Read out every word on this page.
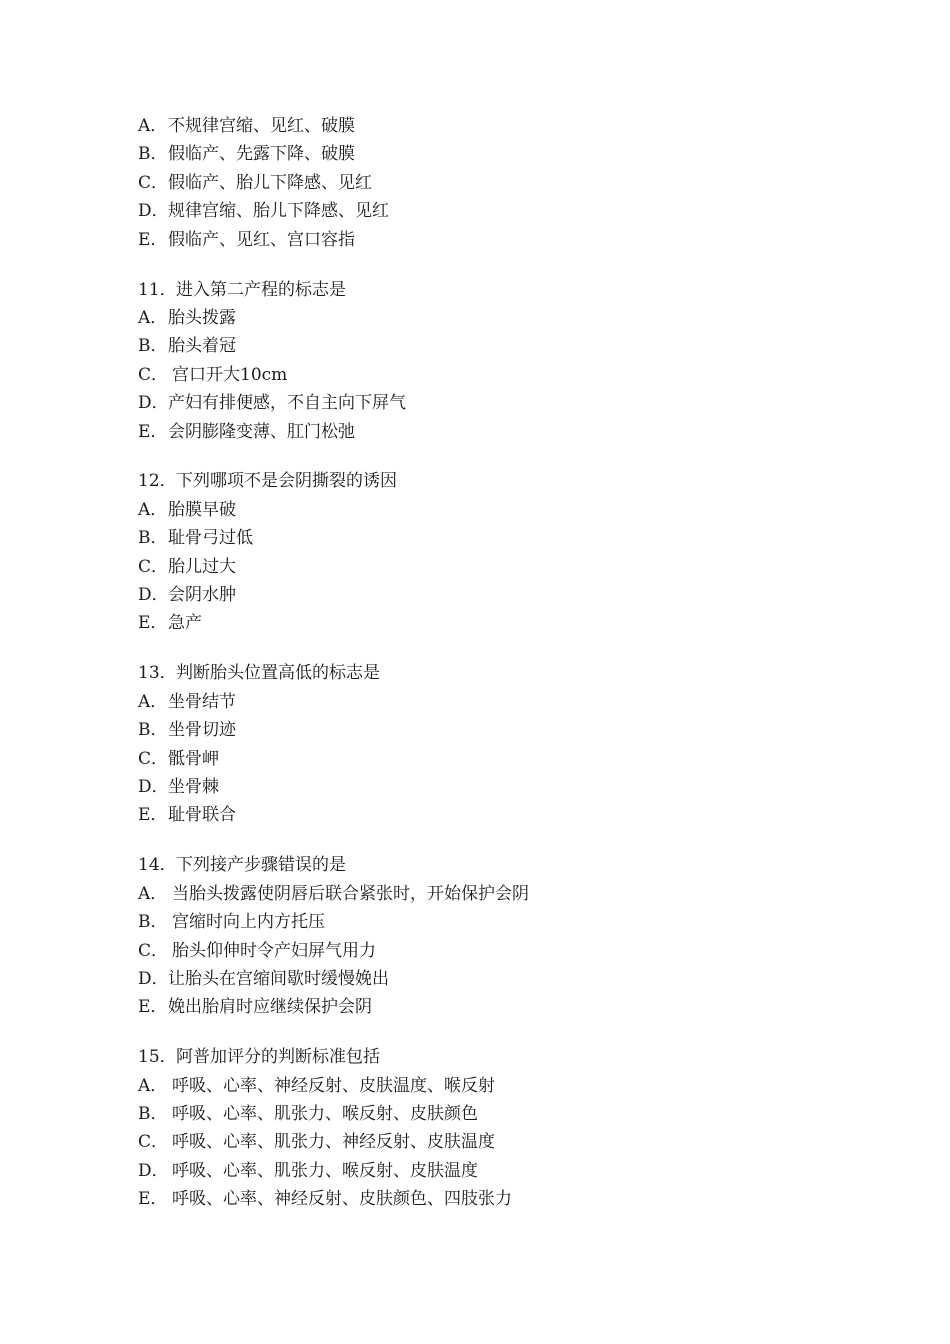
A．不规律宫缩、见红、破膜
B．假临产、先露下降、破膜
C．假临产、胎儿下降感、见红
D．规律宫缩、胎儿下降感、见红
E．假临产、见红、宫口容指
11．进入第二产程的标志是
A．胎头拨露
B．胎头着冠
C． 宫口开大10cm
D．产妇有排便感，不自主向下屏气
E．会阴膨隆变薄、肛门松弛
12．下列哪项不是会阴撕裂的诱因
A．胎膜早破
B．耻骨弓过低
C．胎儿过大
D．会阴水肿
E．急产
13．判断胎头位置高低的标志是
A．坐骨结节
B．坐骨切迹
C．骶骨岬
D．坐骨棘
E．耻骨联合
14．下列接产步骤错误的是
A． 当胎头拨露使阴唇后联合紧张时，开始保护会阴
B． 宫缩时向上内方托压
C． 胎头仰伸时令产妇屏气用力
D．让胎头在宫缩间歇时缓慢娩出
E．娩出胎肩时应继续保护会阴
15．阿普加评分的判断标准包括
A． 呼吸、心率、神经反射、皮肤温度、喉反射
B． 呼吸、心率、肌张力、喉反射、皮肤颜色
C． 呼吸、心率、肌张力、神经反射、皮肤温度
D． 呼吸、心率、肌张力、喉反射、皮肤温度
E． 呼吸、心率、神经反射、皮肤颜色、四肢张力
